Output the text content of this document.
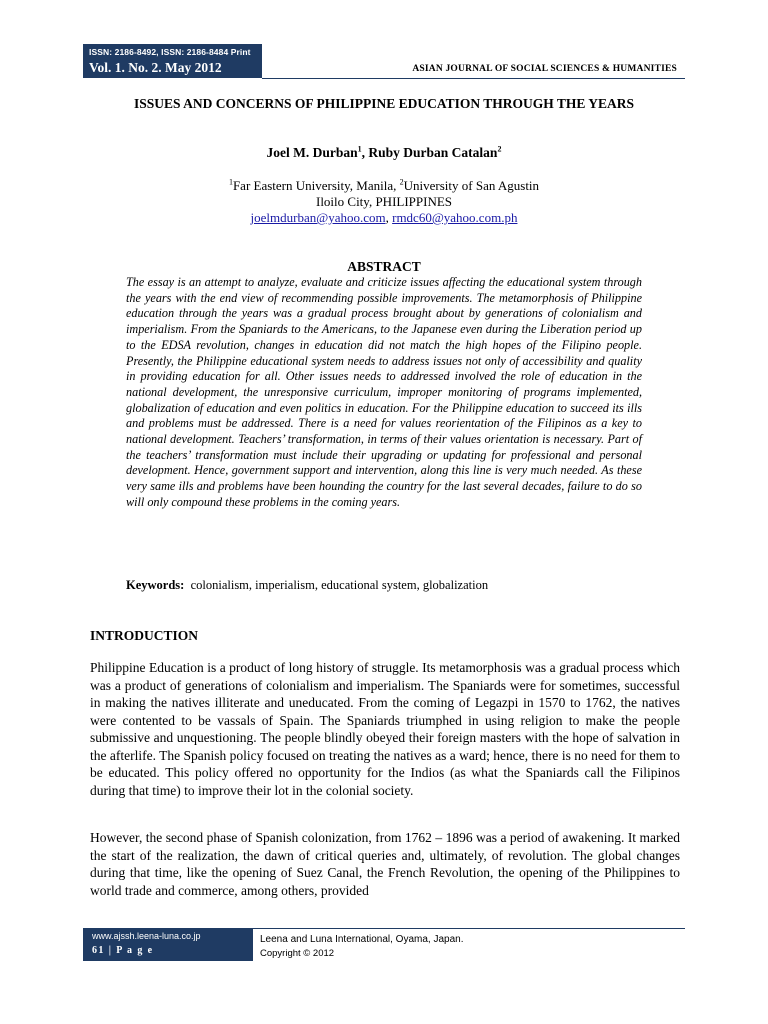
ISSN: 2186-8492, ISSN: 2186-8484 Print
Vol. 1. No. 2. May 2012	ASIAN JOURNAL OF SOCIAL SCIENCES & HUMANITIES
ISSUES AND CONCERNS OF PHILIPPINE EDUCATION THROUGH THE YEARS
Joel M. Durban$^1$, Ruby Durban Catalan$^2$
$^1$Far Eastern University, Manila, $^2$University of San Agustin
Iloilo City, PHILIPPINES
joelmdurban@yahoo.com, rmdc60@yahoo.com.ph
ABSTRACT
The essay is an attempt to analyze, evaluate and criticize issues affecting the educational system through the years with the end view of recommending possible improvements. The metamorphosis of Philippine education through the years was a gradual process brought about by generations of colonialism and imperialism. From the Spaniards to the Americans, to the Japanese even during the Liberation period up to the EDSA revolution, changes in education did not match the high hopes of the Filipino people. Presently, the Philippine educational system needs to address issues not only of accessibility and quality in providing education for all. Other issues needs to addressed involved the role of education in the national development, the unresponsive curriculum, improper monitoring of programs implemented, globalization of education and even politics in education. For the Philippine education to succeed its ills and problems must be addressed. There is a need for values reorientation of the Filipinos as a key to national development. Teachers’ transformation, in terms of their values orientation is necessary. Part of the teachers’ transformation must include their upgrading or updating for professional and personal development. Hence, government support and intervention, along this line is very much needed. As these very same ills and problems have been hounding the country for the last several decades, failure to do so will only compound these problems in the coming years.
Keywords: colonialism, imperialism, educational system, globalization
INTRODUCTION

Philippine Education is a product of long history of struggle. Its metamorphosis was a gradual process which was a product of generations of colonialism and imperialism. The Spaniards were for sometimes, successful in making the natives illiterate and uneducated. From the coming of Legazpi in 1570 to 1762, the natives were contented to be vassals of Spain. The Spaniards triumphed in using religion to make the people submissive and unquestioning. The people blindly obeyed their foreign masters with the hope of salvation in the afterlife. The Spanish policy focused on treating the natives as a ward; hence, there is no need for them to be educated. This policy offered no opportunity for the Indios (as what the Spaniards call the Filipinos during that time) to improve their lot in the colonial society.

However, the second phase of Spanish colonization, from 1762 – 1896 was a period of awakening. It marked the start of the realization, the dawn of critical queries and, ultimately, of revolution. The global changes during that time, like the opening of Suez Canal, the French Revolution, the opening of the Philippines to world trade and commerce, among others, provided

www.ajssh.leena-luna.co.jp
61 | P a g e
Leena and Luna International, Oyama, Japan.
Copyright © 2012
